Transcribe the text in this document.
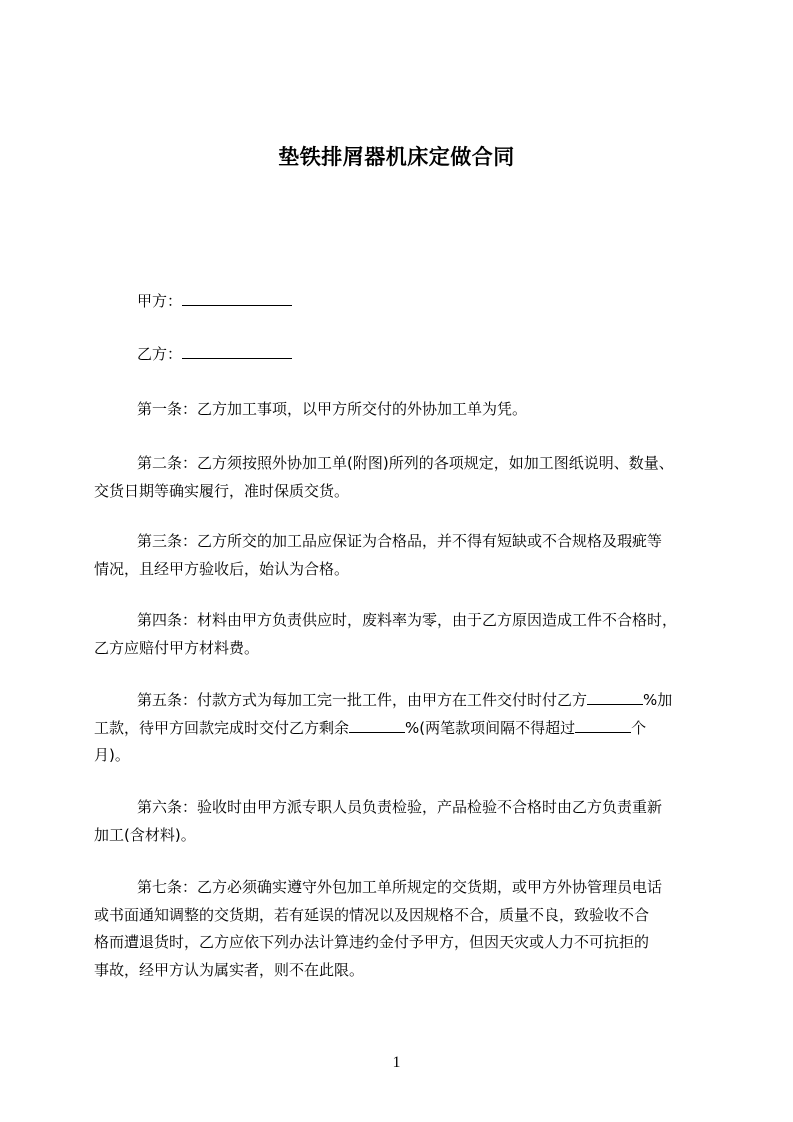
垫铁排屑器机床定做合同
甲方：
乙方：
第一条：乙方加工事项，以甲方所交付的外协加工单为凭。
第二条：乙方须按照外协加工单(附图)所列的各项规定，如加工图纸说明、数量、
交货日期等确实履行，准时保质交货。
第三条：乙方所交的加工品应保证为合格品，并不得有短缺或不合规格及瑕疵等
情况，且经甲方验收后，始认为合格。
第四条：材料由甲方负责供应时，废料率为零，由于乙方原因造成工件不合格时，
乙方应赔付甲方材料费。
第五条：付款方式为每加工完一批工件，由甲方在工件交付时付乙方	%加
工款，待甲方回款完成时交付乙方剩余	%(两笔款项间隔不得超过	个
月)。
第六条：验收时由甲方派专职人员负责检验，产品检验不合格时由乙方负责重新
加工(含材料)。
第七条：乙方必须确实遵守外包加工单所规定的交货期，或甲方外协管理员电话
或书面通知调整的交货期，若有延误的情况以及因规格不合，质量不良，致验收不合
格而遭退货时，乙方应依下列办法计算违约金付予甲方，但因天灾或人力不可抗拒的
事故，经甲方认为属实者，则不在此限。
1
